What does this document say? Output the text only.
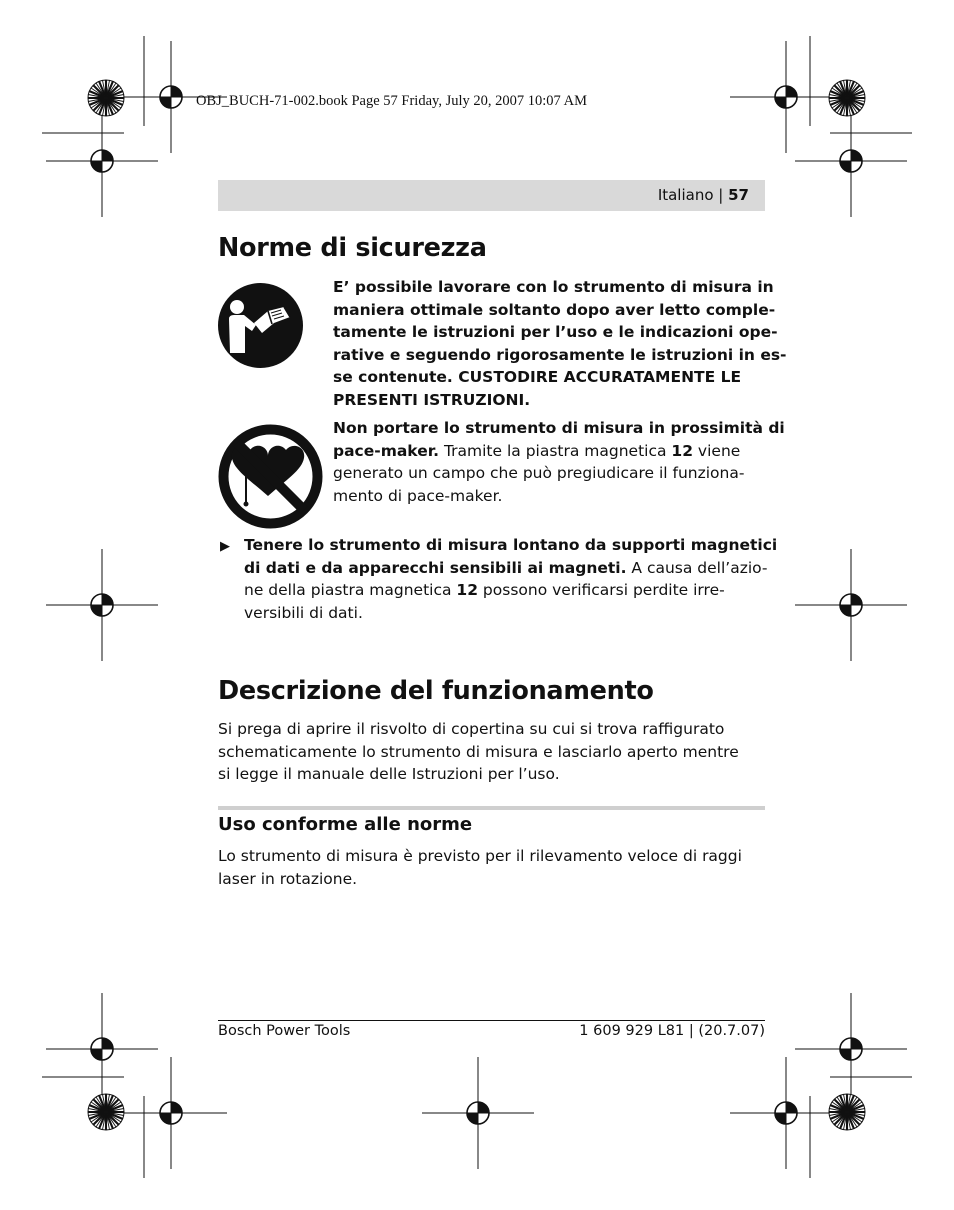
OBJ_BUCH-71-002.book Page 57 Friday, July 20, 2007 10:07 AM
Italiano | 57
Norme di sicurezza

E’ possibile lavorare con lo strumento di misura in
maniera ottimale soltanto dopo aver letto comple-
tamente le istruzioni per l’uso e le indicazioni ope-
rative e seguendo rigorosamente le istruzioni in es-
se contenute. CUSTODIRE ACCURATAMENTE LE
PRESENTI ISTRUZIONI.

Non portare lo strumento di misura in prossimità di
pace-maker. Tramite la piastra magnetica 12 viene
generato un campo che può pregiudicare il funziona-
mento di pace-maker.

▶ Tenere lo strumento di misura lontano da supporti magnetici
di dati e da apparecchi sensibili ai magneti. A causa dell’azio-
ne della piastra magnetica 12 possono verificarsi perdite irre-
versibili di dati.

Descrizione del funzionamento

Si prega di aprire il risvolto di copertina su cui si trova raffigurato
schematicamente lo strumento di misura e lasciarlo aperto mentre
si legge il manuale delle Istruzioni per l’uso.

Uso conforme alle norme

Lo strumento di misura è previsto per il rilevamento veloce di raggi
laser in rotazione.

Bosch Power Tools	1 609 929 L81 | (20.7.07)
